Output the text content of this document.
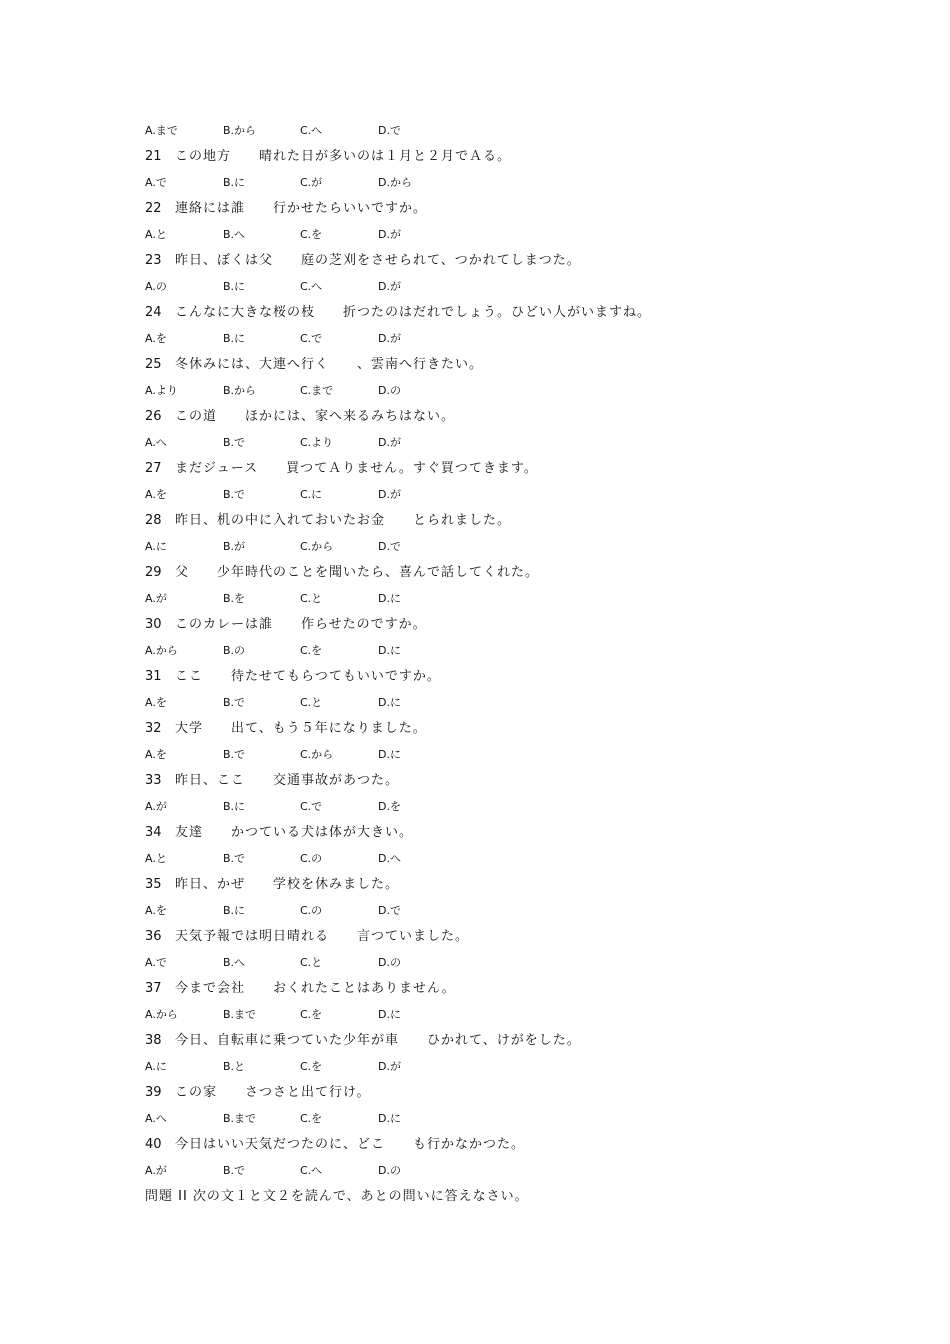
A.まで	B.から	C.へ	D.で
21 この地方　　晴れた日が多いのは１月と２月でＡる。
A.で	B.に	C.が	D.から
22 連絡には誰　　行かせたらいいですか。
A.と	B.へ	C.を	D.が
23 昨日、ぼくは父　　庭の芝刈をさせられて、つかれてしまつた。
A.の	B.に	C.へ	D.が
24 こんなに大きな桜の枝　　折つたのはだれでしょう。ひどい人がいますね。
A.を	B.に	C.で	D.が
25 冬休みには、大連へ行く　　、雲南へ行きたい。
A.より	B.から	C.まで	D.の
26 この道　　ほかには、家へ来るみちはない。
A.へ	B.で	C.より	D.が
27 まだジュース　　買つてＡりません。すぐ買つてきます。
A.を	B.で	C.に	D.が
28 昨日、机の中に入れておいたお金　　とられました。
A.に	B.が	C.から	D.で
29 父　　少年時代のことを聞いたら、喜んで話してくれた。
A.が	B.を	C.と	D.に
30 このカレーは誰　　作らせたのですか。
A.から	B.の	C.を	D.に
31 ここ　　待たせてもらつてもいいですか。
A.を	B.で	C.と	D.に
32 大学　　出て、もう５年になりました。
A.を	B.で	C.から	D.に
33 昨日、ここ　　交通事故があつた。
A.が	B.に	C.で	D.を
34 友達　　かつている犬は体が大きい。
A.と	B.で	C.の	D.へ
35 昨日、かぜ　　学校を休みました。
A.を	B.に	C.の	D.で
36 天気予報では明日晴れる　　言つていました。
A.で	B.へ	C.と	D.の
37 今まで会社　　おくれたことはありません。
A.から	B.まで	C.を	D.に
38 今日、自転車に乗つていた少年が車　　ひかれて、けがをした。
A.に	B.と	C.を	D.が
39 この家　　さつさと出て行け。
A.へ	B.まで	C.を	D.に
40 今日はいい天気だつたのに、どこ　　も行かなかつた。
A.が	B.で	C.へ	D.の
問題 II 次の文１と文２を読んで、あとの問いに答えなさい。
